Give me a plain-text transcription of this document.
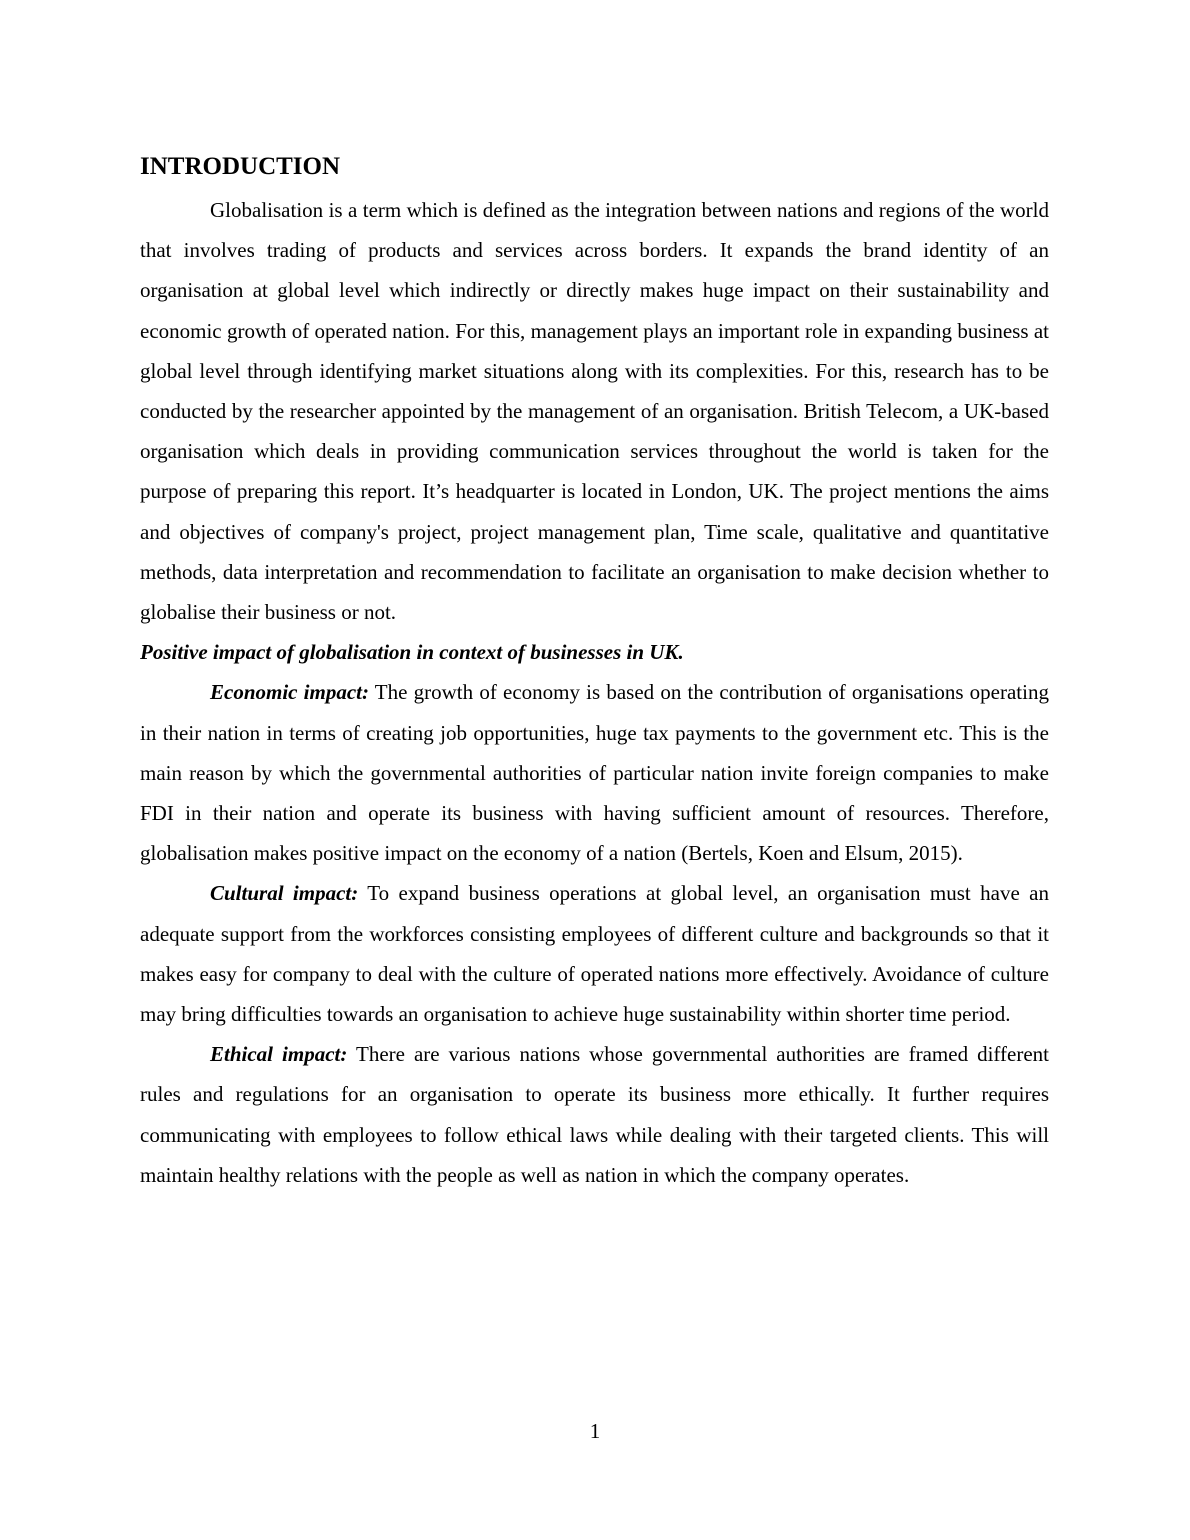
INTRODUCTION

Globalisation is a term which is defined as the integration between nations and regions of the world that involves trading of products and services across borders. It expands the brand identity of an organisation at global level which indirectly or directly makes huge impact on their sustainability and economic growth of operated nation. For this, management plays an important role in expanding business at global level through identifying market situations along with its complexities. For this, research has to be conducted by the researcher appointed by the management of an organisation. British Telecom, a UK-based organisation which deals in providing communication services throughout the world is taken for the purpose of preparing this report. It’s headquarter is located in London, UK. The project mentions the aims and objectives of company's project, project management plan, Time scale, qualitative and quantitative methods, data interpretation and recommendation to facilitate an organisation to make decision whether to globalise their business or not.

Positive impact of globalisation in context of businesses in UK.

Economic impact: The growth of economy is based on the contribution of organisations operating in their nation in terms of creating job opportunities, huge tax payments to the government etc. This is the main reason by which the governmental authorities of particular nation invite foreign companies to make FDI in their nation and operate its business with having sufficient amount of resources. Therefore, globalisation makes positive impact on the economy of a nation (Bertels, Koen and Elsum, 2015).

Cultural impact: To expand business operations at global level, an organisation must have an adequate support from the workforces consisting employees of different culture and backgrounds so that it makes easy for company to deal with the culture of operated nations more effectively. Avoidance of culture may bring difficulties towards an organisation to achieve huge sustainability within shorter time period.

Ethical impact: There are various nations whose governmental authorities are framed different rules and regulations for an organisation to operate its business more ethically. It further requires communicating with employees to follow ethical laws while dealing with their targeted clients. This will maintain healthy relations with the people as well as nation in which the company operates.

1
